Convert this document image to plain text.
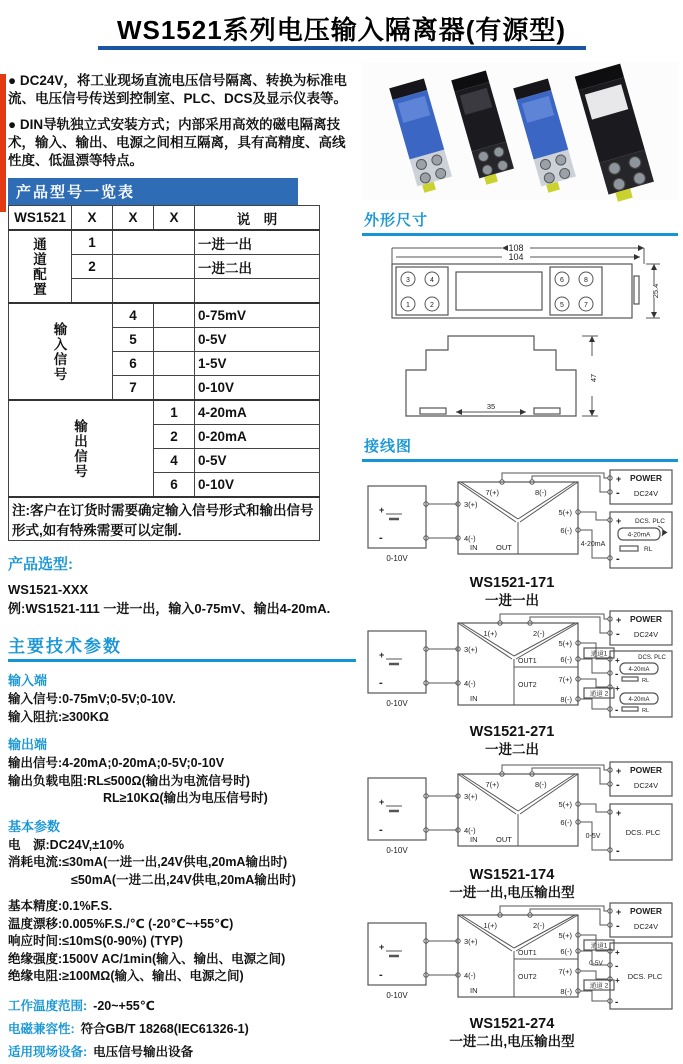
WS1521系列电压输入隔离器(有源型)

● DC24V，将工业现场直流电压信号隔离、转换为标准电流、电压信号传送到控制室、PLC、DCS及显示仪表等。

● DIN导轨独立式安装方式；内部采用高效的磁电隔离技术，输入、输出、电源之间相互隔离，具有高精度、高线性度、低温漂等特点。

产品型号一览表
WS1521	X	X	X	说　明
通道配置	1			一进一出
	2			一进二出

输入信号		4		0-75mV
		5		0-5V
		6		1-5V
		7		0-10V
输出信号			1	4-20mA
			2	0-20mA
			4	0-5V
			6	0-10V
注:客户在订货时需要确定输入信号形式和输出信号形式,如有特殊需要可以定制.				
产品选型:
WS1521-XXX
例:WS1521-111 一进一出，输入0-75mV、输出4-20mA.
主要技术参数
输入端
输入信号:0-75mV;0-5V;0-10V.
输入阻抗:≥300KΩ
输出端
输出信号:4-20mA;0-20mA;0-5V;0-10V
输出负载电阻:RL≤500Ω(输出为电流信号时)
RL≥10KΩ(输出为电压信号时)
基本参数
电　源:DC24V,±10%
消耗电流:≤30mA(一进一出,24V供电,20mA输出时)
≤50mA(一进二出,24V供电,20mA输出时)
基本精度:0.1%F.S.
温度漂移:0.005%F.S./℃ (-20℃~+55℃)
响应时间:≤10mS(0-90%) (TYP)
绝缘强度:1500V AC/1min(输入、输出、电源之间)
绝缘电阻:≥100MΩ(输入、输出、电源之间)
工作温度范围: -20~+55℃
电磁兼容性: 符合GB/T 18268(IEC61326-1)
适用现场设备: 电压信号输出设备
外形尺寸
108
104
3	4
1	2
6	8
5	7
25.4
35
47
接线图
+
-
0-10V
7(+)	8(-)
3(+)
4(-)
5(+)
6(-)
IN OUT
+
-
POWER
DC24V
+
-
DCS. PLC
4-20mA
RL
4-20mA
WS1521-171
一进一出
+
-
0-10V
1(+)	2(-)
3(+)
4(-)
5(+)
6(-)
7(+)
8(-)
OUT1
OUT2
IN
+
-
POWER
DC24V
+
-
+
-
DCS. PLC
4-20mA
RL
4-20mA
RL
通道1
通道 2
WS1521-271
一进二出
+
-
0-10V
7(+)	8(-)
3(+)
4(-)
5(+)
6(-)
IN OUT
+
-
POWER
DC24V
+
-
DCS. PLC
0-5V
WS1521-174
一进一出,电压输出型
+
-
0-10V
1(+)	2(-)
3(+)
4(-)
5(+)
6(-)
7(+)
8(-)
OUT1
OUT2
IN
+
-
POWER
DC24V
+
-
+
-
DCS. PLC
通道1
0-5V
通道 2
WS1521-274
一进二出,电压输出型
